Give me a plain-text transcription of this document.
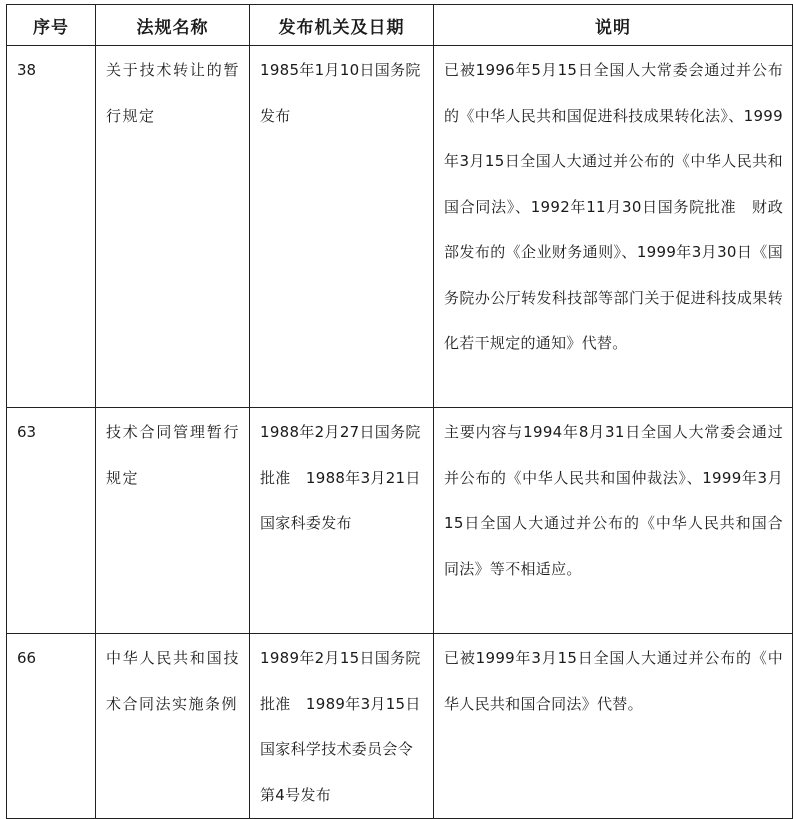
序号	法规名称	发布机关及日期	说明

38	关于技术转让的暂行规定	1985年1月10日国务院发布	已被1996年5月15日全国人大常委会通过并公布的《中华人民共和国促进科技成果转化法》、1999年3月15日全国人大通过并公布的《中华人民共和国合同法》、1992年11月30日国务院批准　财政部发布的《企业财务通则》、1999年3月30日《国务院办公厅转发科技部等部门关于促进科技成果转化若干规定的通知》代替。

63	技术合同管理暂行规定	1988年2月27日国务院批准　1988年3月21日国家科委发布	主要内容与1994年8月31日全国人大常委会通过并公布的《中华人民共和国仲裁法》、1999年3月15日全国人大通过并公布的《中华人民共和国合同法》等不相适应。

66	中华人民共和国技术合同法实施条例	1989年2月15日国务院批准　1989年3月15日国家科学技术委员会令第4号发布	已被1999年3月15日全国人大通过并公布的《中华人民共和国合同法》代替。
